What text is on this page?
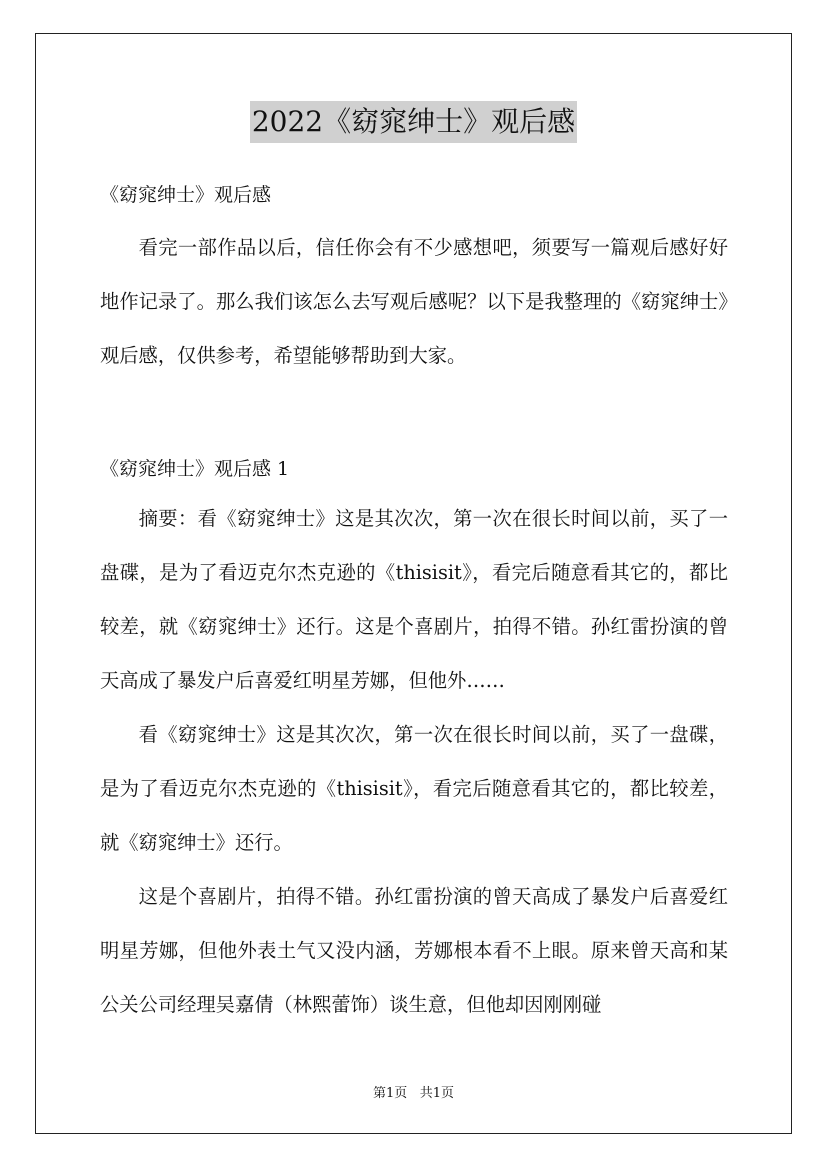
2022《窈窕绅士》观后感
《窈窕绅士》观后感
看完一部作品以后，信任你会有不少感想吧，须要写一篇观后感好好地作记录了。那么我们该怎么去写观后感呢？以下是我整理的《窈窕绅士》观后感，仅供参考，希望能够帮助到大家。
《窈窕绅士》观后感 1
摘要：看《窈窕绅士》这是其次次，第一次在很长时间以前，买了一盘碟，是为了看迈克尔杰克逊的《thisisit》，看完后随意看其它的，都比较差，就《窈窕绅士》还行。这是个喜剧片，拍得不错。孙红雷扮演的曾天高成了暴发户后喜爱红明星芳娜，但他外……
看《窈窕绅士》这是其次次，第一次在很长时间以前，买了一盘碟，是为了看迈克尔杰克逊的《thisisit》，看完后随意看其它的，都比较差，就《窈窕绅士》还行。
这是个喜剧片，拍得不错。孙红雷扮演的曾天高成了暴发户后喜爱红明星芳娜，但他外表土气又没内涵，芳娜根本看不上眼。原来曾天高和某公关公司经理吴嘉倩（林熙蕾饰）谈生意，但他却因刚刚碰
第1页 共1页
